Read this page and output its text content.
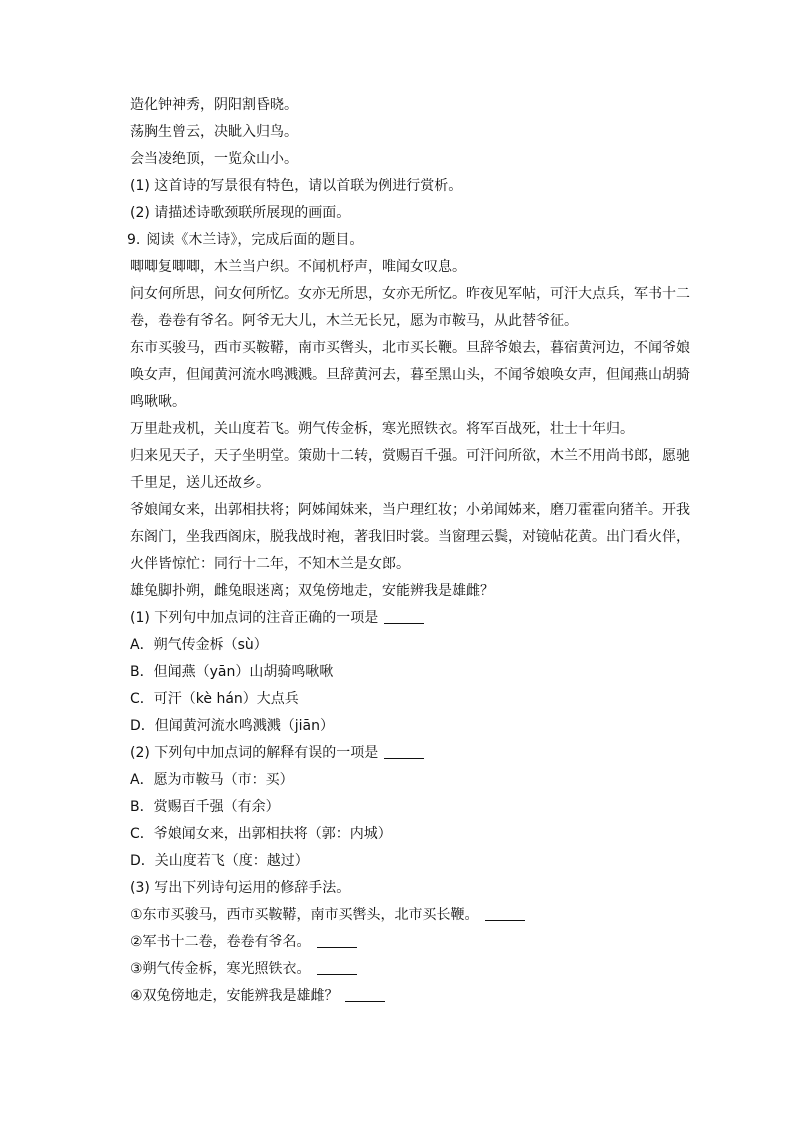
造化钟神秀，阴阳割昏晓。
荡胸生曾云，决眦入归鸟。
会当凌绝顶，一览众山小。
(1) 这首诗的写景很有特色，请以首联为例进行赏析。
(2) 请描述诗歌颈联所展现的画面。
9. 阅读《木兰诗》，完成后面的题目。
唧唧复唧唧，木兰当户织。不闻机杼声，唯闻女叹息。
问女何所思，问女何所忆。女亦无所思，女亦无所忆。昨夜见军帖，可汗大点兵，军书十二卷，卷卷有爷名。阿爷无大儿，木兰无长兄，愿为市鞍马，从此替爷征。
东市买骏马，西市买鞍鞯，南市买辔头，北市买长鞭。旦辞爷娘去，暮宿黄河边，不闻爷娘唤女声，但闻黄河流水鸣溅溅。旦辞黄河去，暮至黑山头，不闻爷娘唤女声，但闻燕山胡骑鸣啾啾。
万里赴戎机，关山度若飞。朔气传金柝，寒光照铁衣。将军百战死，壮士十年归。
归来见天子，天子坐明堂。策勋十二转，赏赐百千强。可汗问所欲，木兰不用尚书郎，愿驰千里足，送儿还故乡。
爷娘闻女来，出郭相扶将；阿姊闻妹来，当户理红妆；小弟闻姊来，磨刀霍霍向猪羊。开我东阁门，坐我西阁床，脱我战时袍，著我旧时裳。当窗理云鬓，对镜帖花黄。出门看火伴，火伴皆惊忙：同行十二年，不知木兰是女郎。
雄兔脚扑朔，雌兔眼迷离；双兔傍地走，安能辨我是雄雌？
(1) 下列句中加点词的注音正确的一项是
A．朔气传金柝（sù）
B．但闻燕（yān）山胡骑鸣啾啾
C．可汗（kè hán）大点兵
D．但闻黄河流水鸣溅溅（jiān）
(2) 下列句中加点词的解释有误的一项是
A．愿为市鞍马（市：买）
B．赏赐百千强（有余）
C．爷娘闻女来，出郭相扶将（郭：内城）
D．关山度若飞（度：越过）
(3) 写出下列诗句运用的修辞手法。
①东市买骏马，西市买鞍鞯，南市买辔头，北市买长鞭。
②军书十二卷，卷卷有爷名。
③朔气传金柝，寒光照铁衣。
④双兔傍地走，安能辨我是雄雌？
